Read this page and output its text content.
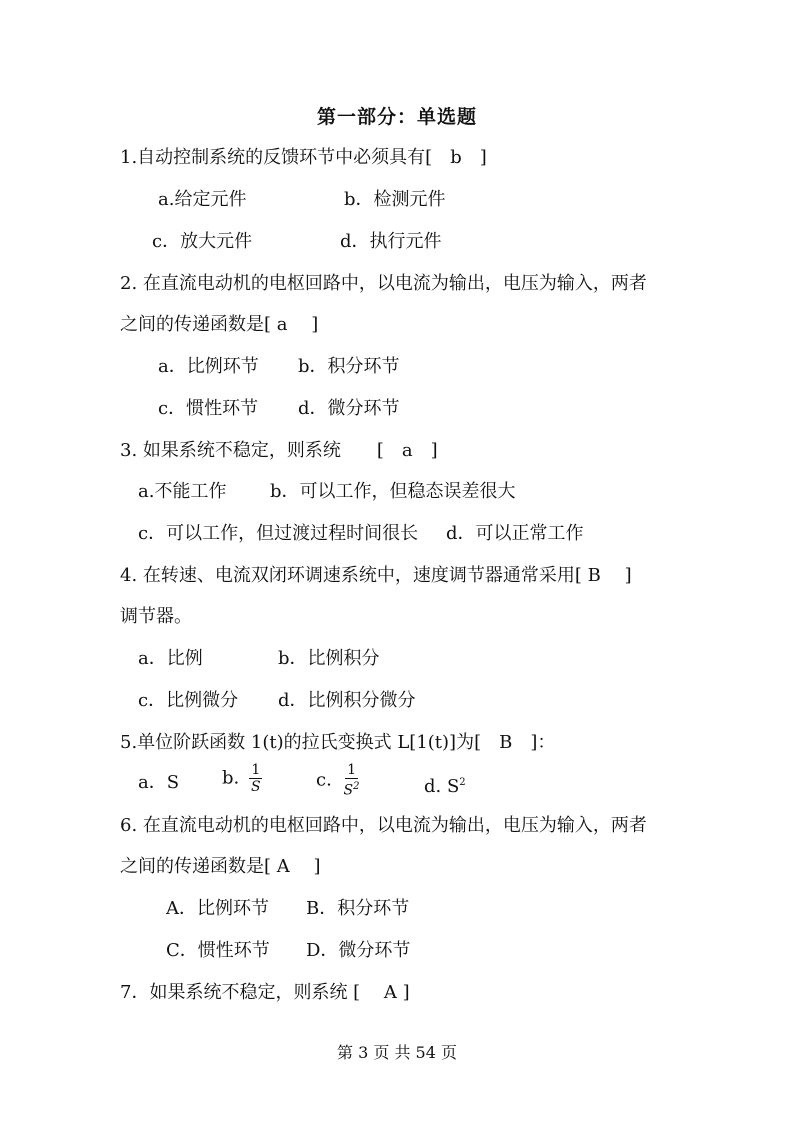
第一部分：单选题
1.自动控制系统的反馈环节中必须具有[　b　]
a.给定元件	b．检测元件
c．放大元件	d．执行元件
2. 在直流电动机的电枢回路中，以电流为输出，电压为输入，两者
之间的传递函数是[ a　 ]
a．比例环节 b．积分环节
c．惯性环节 d．微分环节
3. 如果系统不稳定，则系统　　[　a　]
a.不能工作 b．可以工作，但稳态误差很大
c．可以工作，但过渡过程时间很长 d．可以正常工作
4. 在转速、电流双闭环调速系统中，速度调节器通常采用[ B　 ]
调节器。
a．比例	b．比例积分
c．比例微分 d．比例积分微分
5.单位阶跃函数 1(t)的拉氏变换式 L[1(t)]为[　B　]：
a．S b. $\frac{1}{S}$	c. $\frac{1}{S^2}$	d. $S^2$
6. 在直流电动机的电枢回路中，以电流为输出，电压为输入，两者
之间的传递函数是[ A　 ]
A．比例环节 B．积分环节
C．惯性环节 D．微分环节
7．如果系统不稳定，则系统 [　 A ]
第 3 页 共 54 页
